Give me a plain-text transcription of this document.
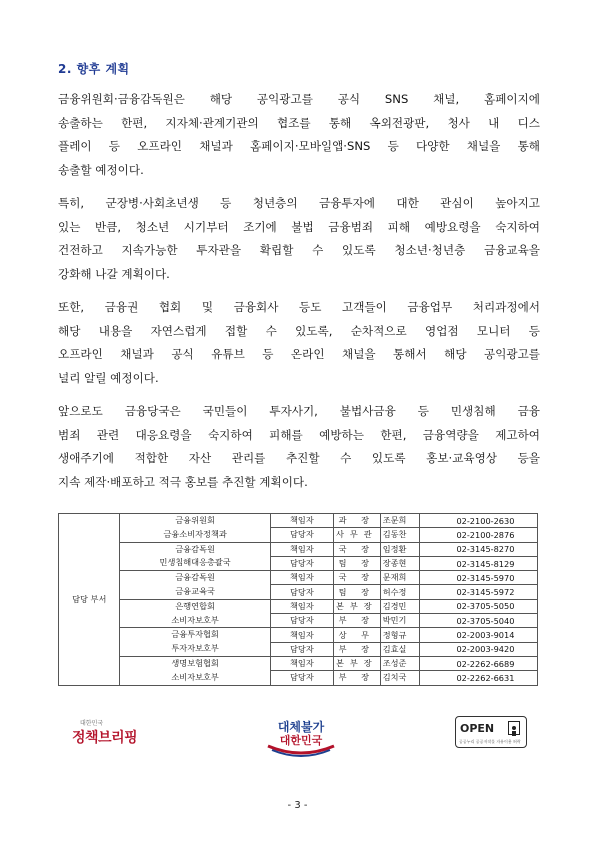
2. 향후 계획
금융위원회·금융감독원은 해당 공익광고를 공식 SNS 채널, 홈페이지에
송출하는 한편, 지자체·관계기관의 협조를 통해 옥외전광판, 청사 내 디스
플레이 등 오프라인 채널과 홈페이지·모바일앱·SNS 등 다양한 채널을 통해
송출할 예정이다.
특히, 군장병·사회초년생 등 청년층의 금융투자에 대한 관심이 높아지고
있는 반큼, 청소년 시기부터 조기에 불법 금융범죄 피해 예방요령을 숙지하여
건전하고 지속가능한 투자관을 확립할 수 있도록 청소년·청년층 금융교육을
강화해 나갈 계획이다.
또한, 금융권 협회 및 금융회사 등도 고객들이 금융업무 처리과정에서
해당 내용을 자연스럽게 접할 수 있도록, 순차적으로 영업점 모니터 등
오프라인 채널과 공식 유튜브 등 온라인 채널을 통해서 해당 공익광고를
널리 알릴 예정이다.
앞으로도 금융당국은 국민들이 투자사기, 불법사금융 등 민생침해 금융
범죄 관련 대응요령을 숙지하여 피해를 예방하는 한편, 금융역량을 제고하여
생애주기에 적합한 자산 관리를 추진할 수 있도록 홍보·교육영상 등을
지속 제작·배포하고 적극 홍보를 추진할 계획이다.
담당 부서	금융위원회
금융소비자정책과	책임자	과 장	조문희	02-2100-2630
		담당자	사무관	김동찬	02-2100-2876

	금융감독원
민생침해대응총괄국	책임자	국 장	임정환	02-3145-8270
		담당자	팀 장	장종현	02-3145-8129

	금융감독원
금융교육국	책임자	국 장	문재희	02-3145-5970
		담당자	팀 장	허수정	02-3145-5972

	은행연합회
소비자보호부	책임자	본부장	김경민	02-3705-5050
		담당자	부 장	박민기	02-3705-5040

	금융투자협회
투자자보호부	책임자	상 무	정형규	02-2003-9014
		담당자	부 장	김효실	02-2003-9420

	생명보험협회
소비자보호부	책임자	본부장	조성준	02-2262-6689
		담당자	부 장	김치국	02-2262-6631
대한민국
정책브리핑
대체불가
대한민국
OPEN
공공누리 공공저작물 자유이용 허락
- 3 -
